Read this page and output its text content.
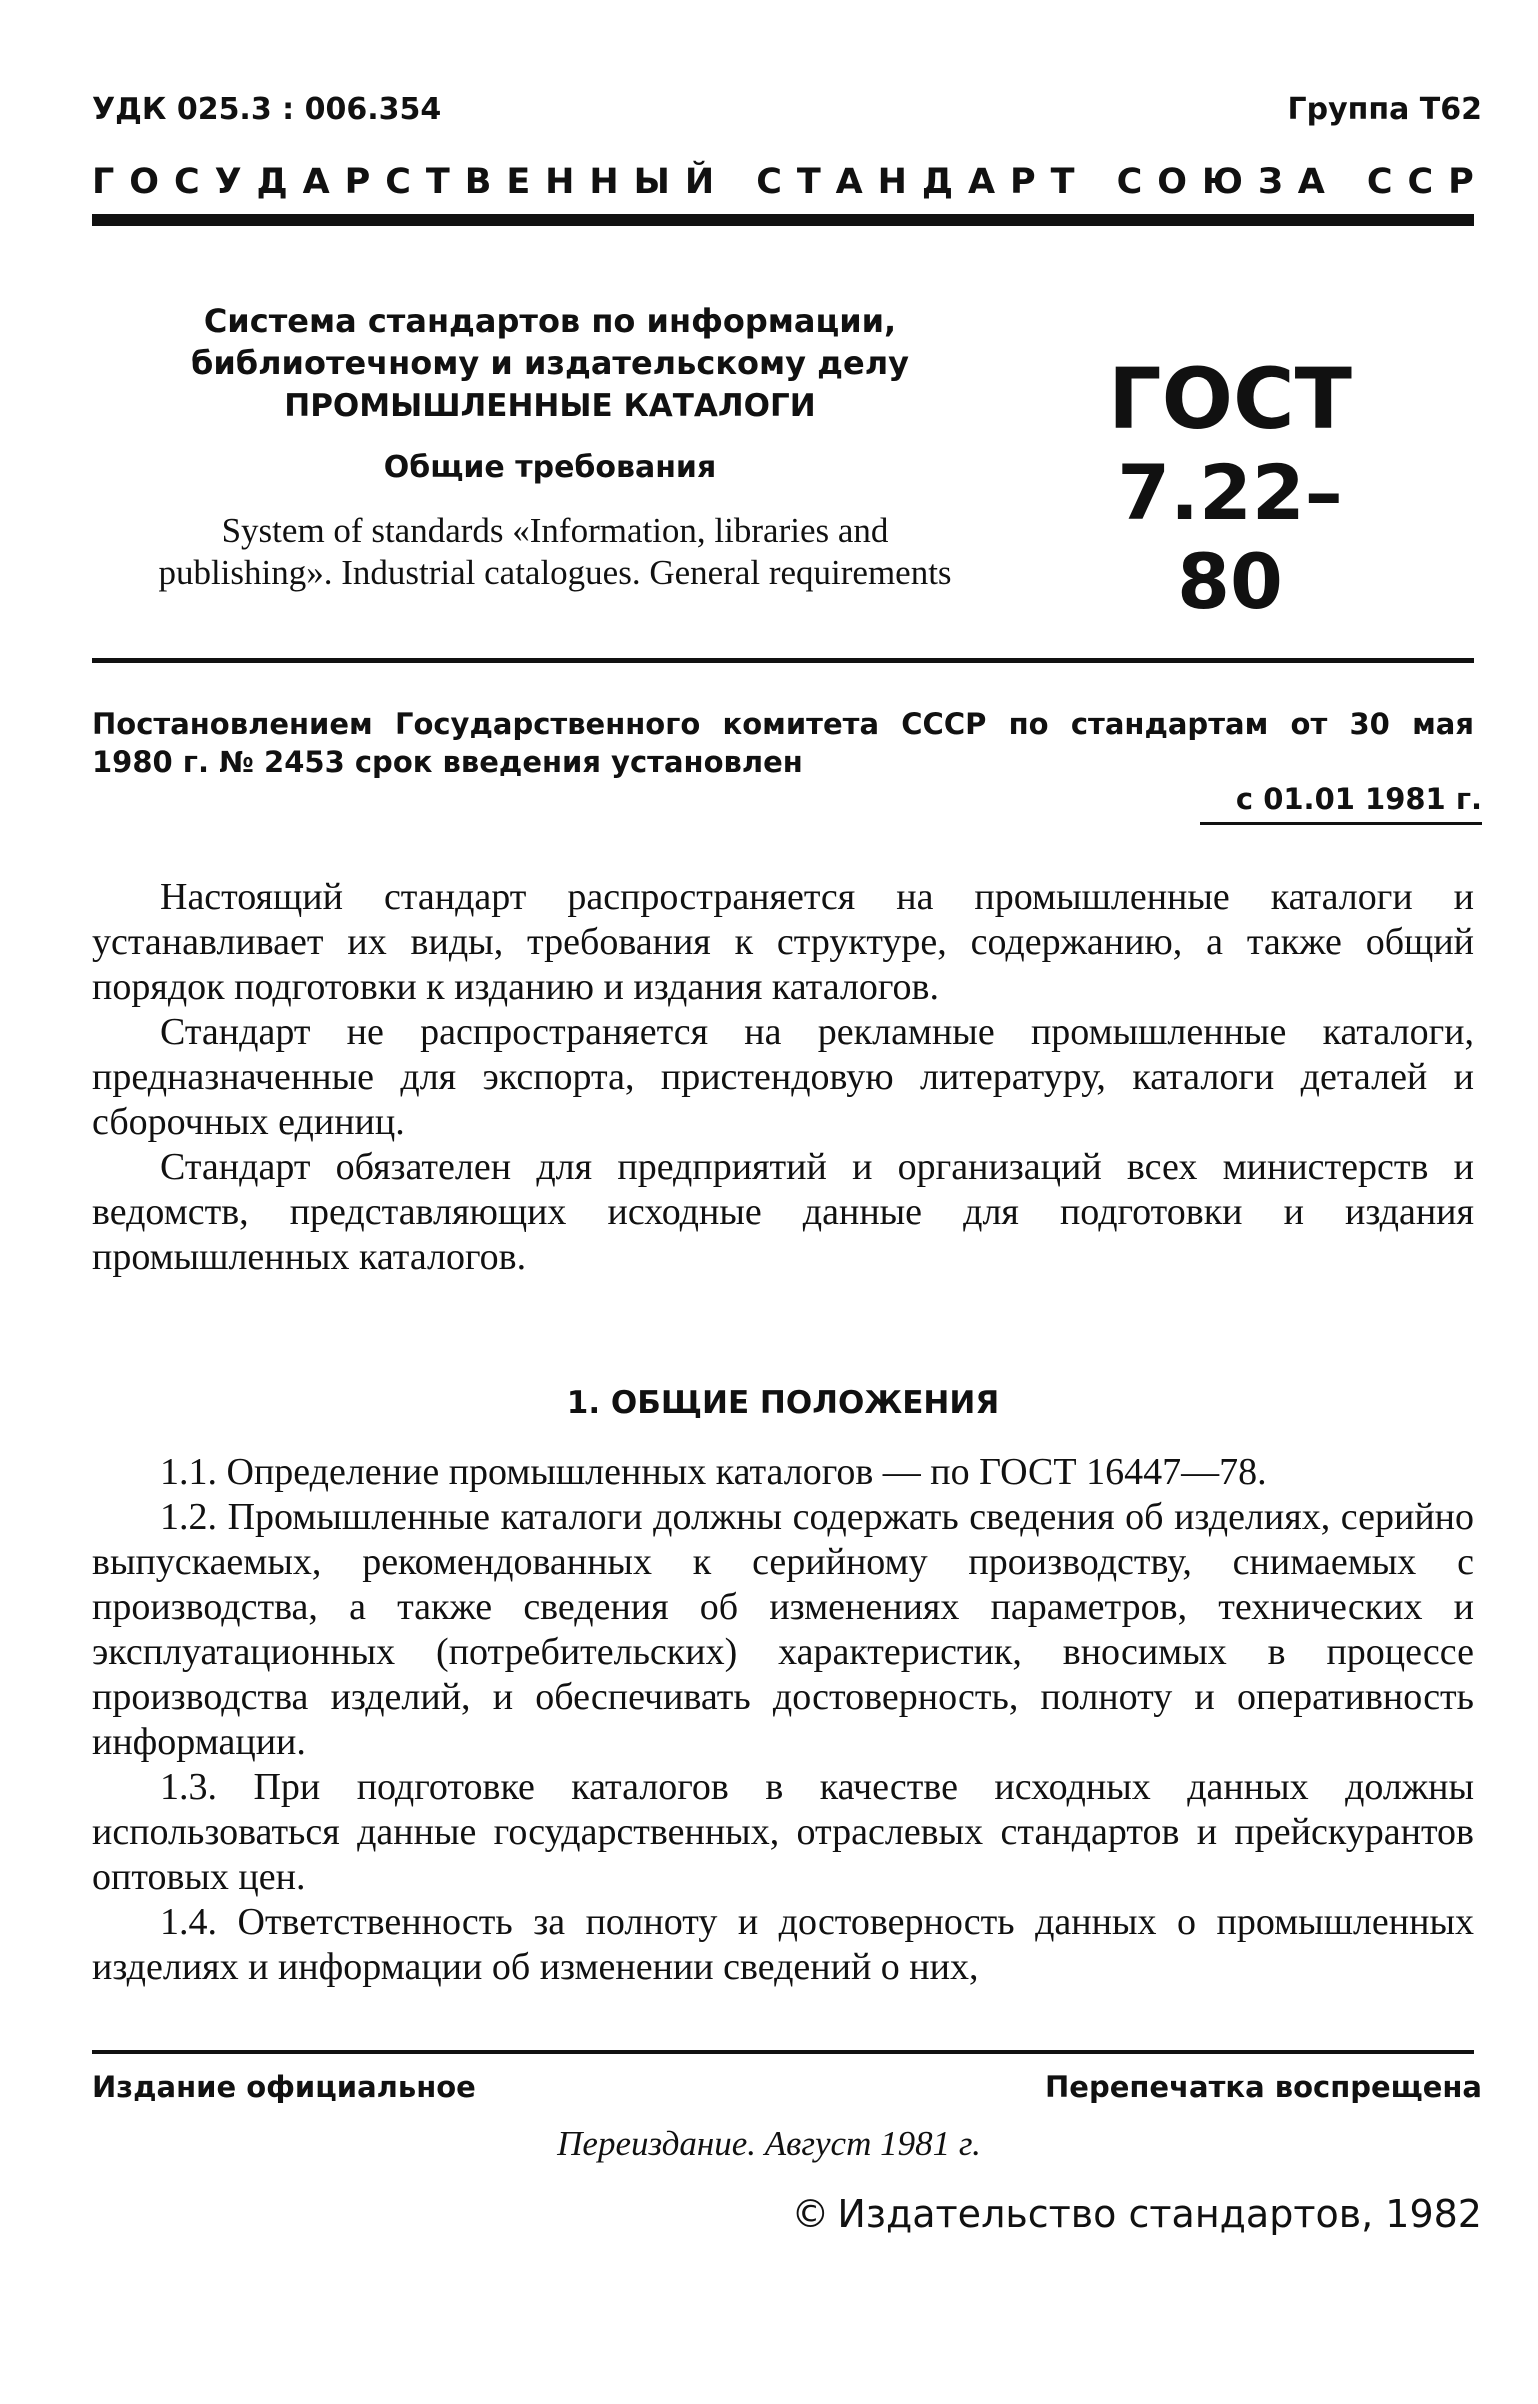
УДК 025.3 : 006.354	Группа Т62
Г О С У Д А Р С Т В Е Н Н Ы Й
С Т А Н Д А Р Т
С О Ю З А
С С Р
Система стандартов по информации,
библиотечному и издательскому делу
ПРОМЫШЛЕННЫЕ КАТАЛОГИ
Общие требования
System of standards «Information, libraries and
publishing». Industrial catalogues. General requirements
ГОСТ
7.22–80
Постановлением Государственного комитета СССР по стандартам от 30 мая
1980 г. № 2453 срок введения установлен
с 01.01 1981 г.

Настоящий стандарт распространяется на промышленные каталоги и устанавливает их виды, требования к структуре, содержанию, а также общий порядок подготовки к изданию и издания каталогов.

Стандарт не распространяется на рекламные промышленные каталоги, предназначенные для экспорта, пристендовую литературу, каталоги деталей и сборочных единиц.

Стандарт обязателен для предприятий и организаций всех министерств и ведомств, представляющих исходные данные для подготовки и издания промышленных каталогов.

1. ОБЩИЕ ПОЛОЖЕНИЯ

1.1. Определение промышленных каталогов — по ГОСТ 16447—78.

1.2. Промышленные каталоги должны содержать сведения об изделиях, серийно выпускаемых, рекомендованных к серийному производству, снимаемых с производства, а также сведения об изменениях параметров, технических и эксплуатационных (потребительских) характеристик, вносимых в процессе производства изделий, и обеспечивать достоверность, полноту и оперативность информации.

1.3. При подготовке каталогов в качестве исходных данных должны использоваться данные государственных, отраслевых стандартов и прейскурантов оптовых цен.

1.4. Ответственность за полноту и достоверность данных о промышленных изделиях и информации об изменении сведений о них,

Издание официальное	Перепечатка воспрещена
Переиздание. Август 1981 г.
© Издательство стандартов, 1982
